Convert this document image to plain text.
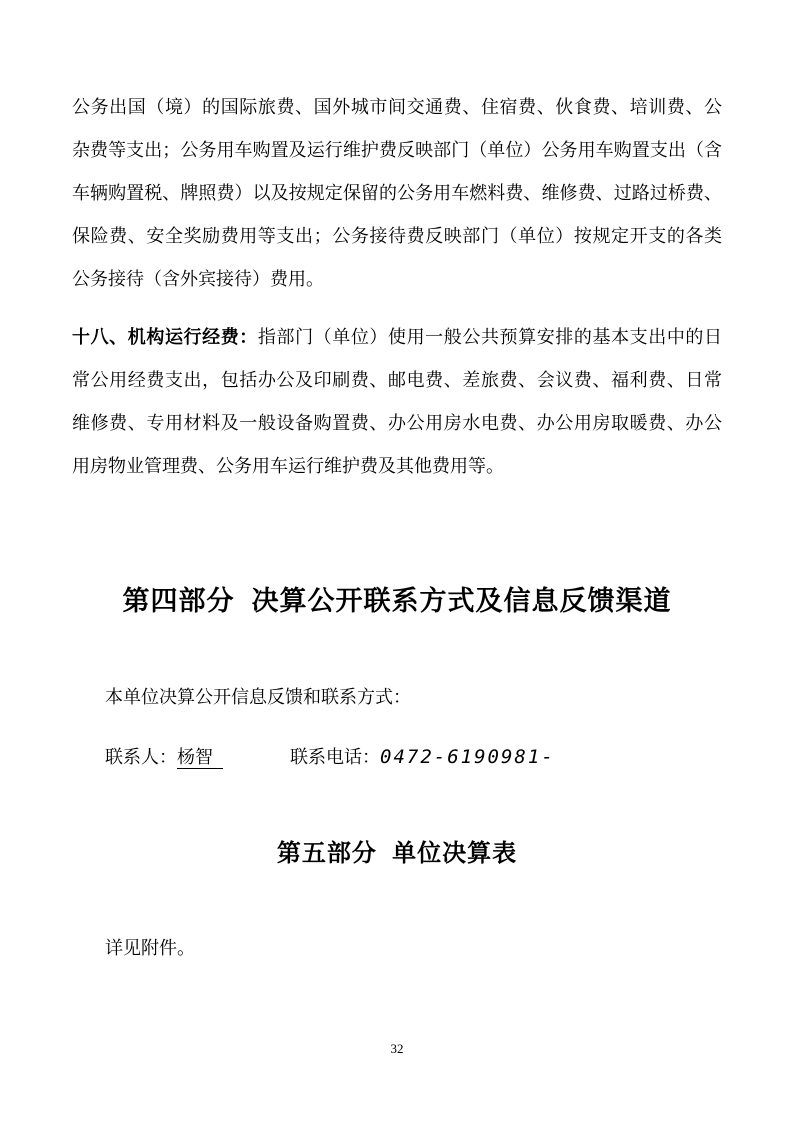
公务出国（境）的国际旅费、国外城市间交通费、住宿费、伙食费、培训费、公
杂费等支出；公务用车购置及运行维护费反映部门（单位）公务用车购置支出（含
车辆购置税、牌照费）以及按规定保留的公务用车燃料费、维修费、过路过桥费、
保险费、安全奖励费用等支出；公务接待费反映部门（单位）按规定开支的各类
公务接待（含外宾接待）费用。
十八、机构运行经费：指部门（单位）使用一般公共预算安排的基本支出中的日
常公用经费支出，包括办公及印刷费、邮电费、差旅费、会议费、福利费、日常
维修费、专用材料及一般设备购置费、办公用房水电费、办公用房取暖费、办公
用房物业管理费、公务用车运行维护费及其他费用等。
第四部分  决算公开联系方式及信息反馈渠道
本单位决算公开信息反馈和联系方式：
联系人：杨智	联系电话：0472-6190981-
第五部分  单位决算表
详见附件。
32
